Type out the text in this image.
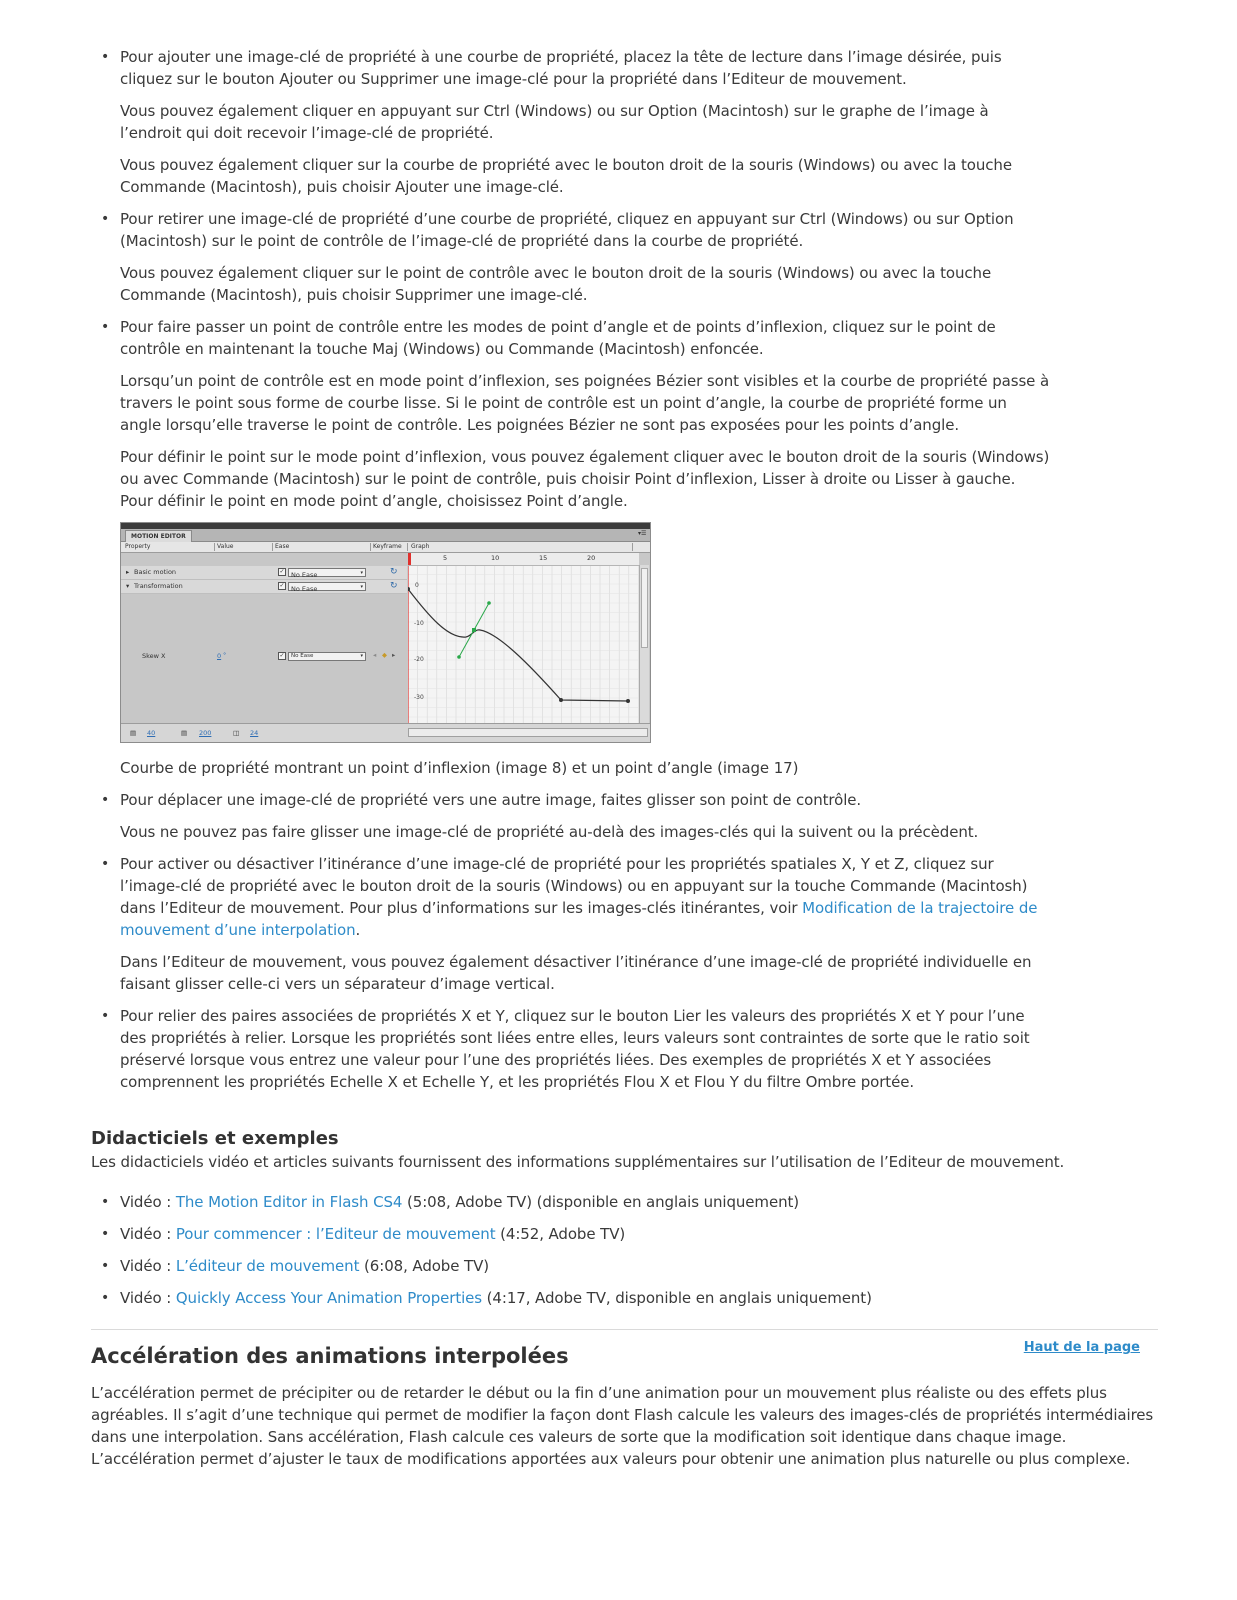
• Pour ajouter une image-clé de propriété à une courbe de propriété, placez la tête de lecture dans l’image désirée, puis cliquez sur le bouton Ajouter ou Supprimer une image-clé pour la propriété dans l’Editeur de mouvement.

Vous pouvez également cliquer en appuyant sur Ctrl (Windows) ou sur Option (Macintosh) sur le graphe de l’image à l’endroit qui doit recevoir l’image-clé de propriété.

Vous pouvez également cliquer sur la courbe de propriété avec le bouton droit de la souris (Windows) ou avec la touche Commande (Macintosh), puis choisir Ajouter une image-clé.

• Pour retirer une image-clé de propriété d’une courbe de propriété, cliquez en appuyant sur Ctrl (Windows) ou sur Option (Macintosh) sur le point de contrôle de l’image-clé de propriété dans la courbe de propriété.

Vous pouvez également cliquer sur le point de contrôle avec le bouton droit de la souris (Windows) ou avec la touche Commande (Macintosh), puis choisir Supprimer une image-clé.

• Pour faire passer un point de contrôle entre les modes de point d’angle et de points d’inflexion, cliquez sur le point de contrôle en maintenant la touche Maj (Windows) ou Commande (Macintosh) enfoncée.

Lorsqu’un point de contrôle est en mode point d’inflexion, ses poignées Bézier sont visibles et la courbe de propriété passe à travers le point sous forme de courbe lisse. Si le point de contrôle est un point d’angle, la courbe de propriété forme un angle lorsqu’elle traverse le point de contrôle. Les poignées Bézier ne sont pas exposées pour les points d’angle.

Pour définir le point sur le mode point d’inflexion, vous pouvez également cliquer avec le bouton droit de la souris (Windows) ou avec Commande (Macintosh) sur le point de contrôle, puis choisir Point d’inflexion, Lisser à droite ou Lisser à gauche. Pour définir le point en mode point d’angle, choisissez Point d’angle.

MOTION EDITOR	▾☰
Property	Value	Ease	Keyframe Graph
▸ Basic motion	✓ No Ease	▾	↻
▾ Transformation	✓ No Ease	▾	↻
Skew X	0 °	✓	No Ease	▾ ◂ ◆ ▸
0
-10
-20
-30
5	10	15	20
▤ 40	▤ 200	◫ 24

Courbe de propriété montrant un point d’inflexion (image 8) et un point d’angle (image 17)

• Pour déplacer une image-clé de propriété vers une autre image, faites glisser son point de contrôle.

Vous ne pouvez pas faire glisser une image-clé de propriété au-delà des images-clés qui la suivent ou la précèdent.

• Pour activer ou désactiver l’itinérance d’une image-clé de propriété pour les propriétés spatiales X, Y et Z, cliquez sur l’image-clé de propriété avec le bouton droit de la souris (Windows) ou en appuyant sur la touche Commande (Macintosh) dans l’Editeur de mouvement. Pour plus d’informations sur les images-clés itinérantes, voir Modification de la trajectoire de mouvement d’une interpolation.

Dans l’Editeur de mouvement, vous pouvez également désactiver l’itinérance d’une image-clé de propriété individuelle en faisant glisser celle-ci vers un séparateur d’image vertical.

• Pour relier des paires associées de propriétés X et Y, cliquez sur le bouton Lier les valeurs des propriétés X et Y pour l’une des propriétés à relier. Lorsque les propriétés sont liées entre elles, leurs valeurs sont contraintes de sorte que le ratio soit préservé lorsque vous entrez une valeur pour l’une des propriétés liées. Des exemples de propriétés X et Y associées comprennent les propriétés Echelle X et Echelle Y, et les propriétés Flou X et Flou Y du filtre Ombre portée.
Didacticiels et exemples

Les didacticiels vidéo et articles suivants fournissent des informations supplémentaires sur l’utilisation de l’Editeur de mouvement.

• Vidéo : The Motion Editor in Flash CS4 (5:08, Adobe TV) (disponible en anglais uniquement)
• Vidéo : Pour commencer : l’Editeur de mouvement (4:52, Adobe TV)
• Vidéo : L’éditeur de mouvement (6:08, Adobe TV)
• Vidéo : Quickly Access Your Animation Properties (4:17, Adobe TV, disponible en anglais uniquement)
Haut de la page
Accélération des animations interpolées

L’accélération permet de précipiter ou de retarder le début ou la fin d’une animation pour un mouvement plus réaliste ou des effets plus agréables. Il s’agit d’une technique qui permet de modifier la façon dont Flash calcule les valeurs des images-clés de propriétés intermédiaires dans une interpolation. Sans accélération, Flash calcule ces valeurs de sorte que la modification soit identique dans chaque image. L’accélération permet d’ajuster le taux de modifications apportées aux valeurs pour obtenir une animation plus naturelle ou plus complexe.
